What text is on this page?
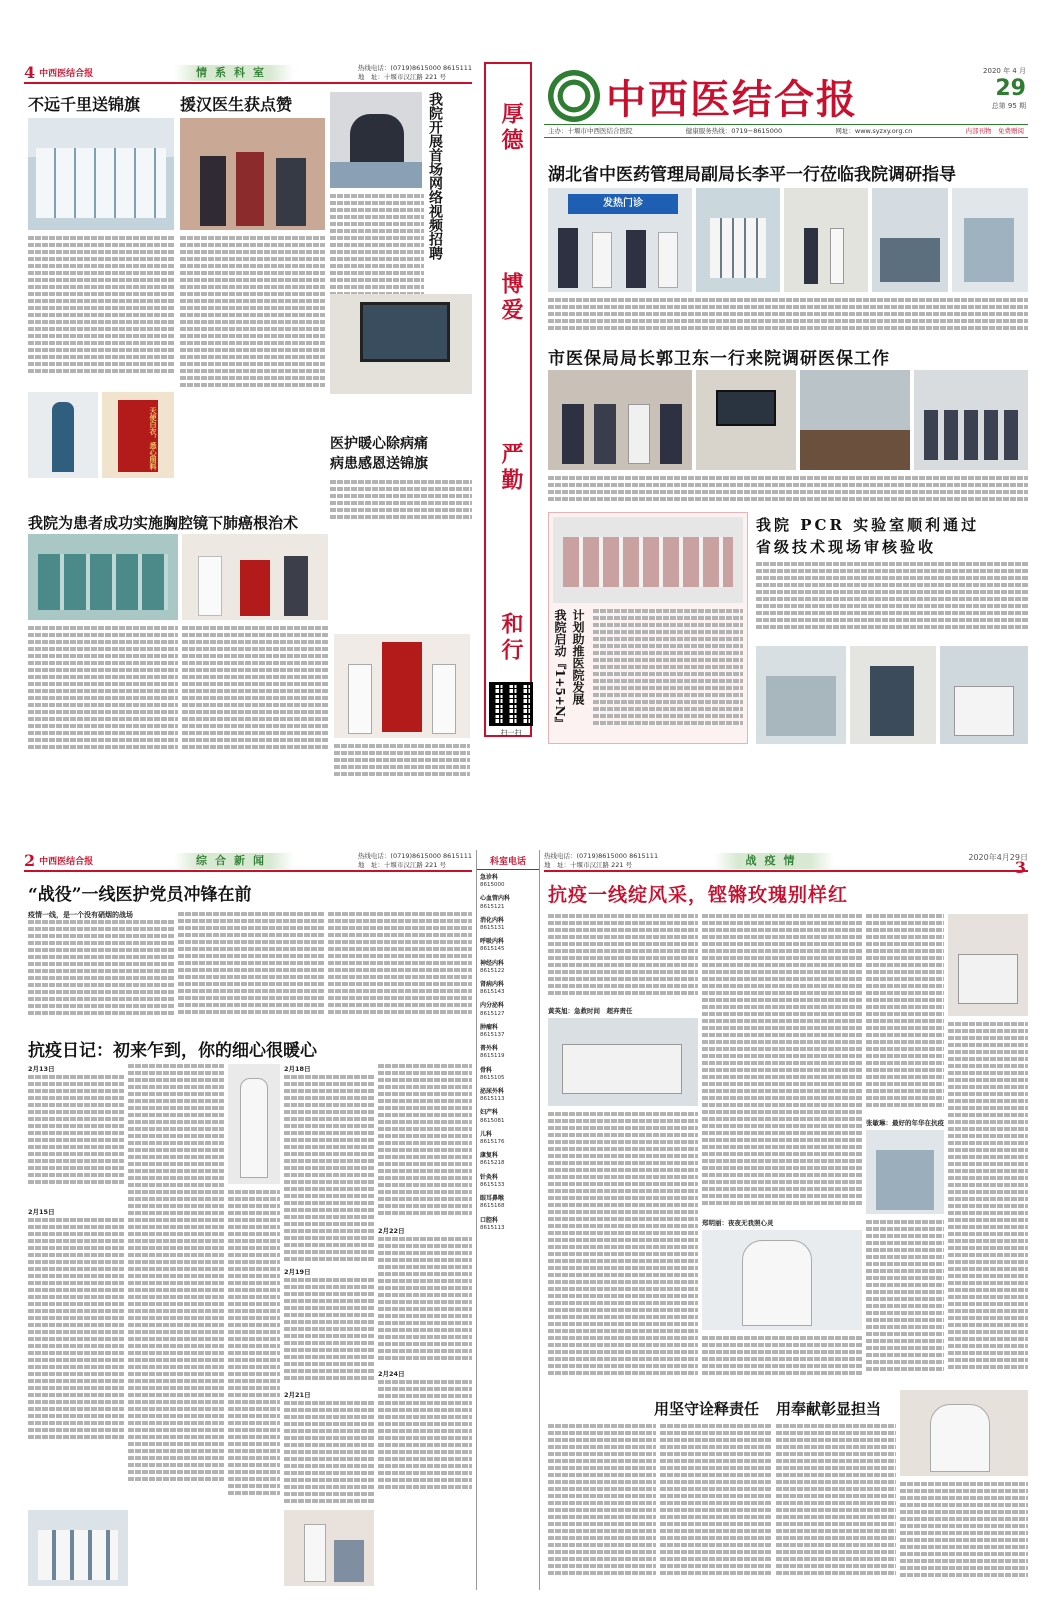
4 中西医结合报	情系科室	热线电话：(0719)8615000 8615111
地　址：十堰市汉江路 221 号
不远千里送锦旗 援汉医生获点赞
天使白衣，悉心照料
我院开展首场网络视频招聘
医护暖心除病痛
病患感恩送锦旗
我院为患者成功实施胸腔镜下肺癌根治术
厚德
博爱
严勤
和行
中西医结合报
2020 年 4 月
29
总第 95 期
主办：十堰市中西医结合医院	健康服务热线：0719−8615000	网址：www.syzxy.org.cn	内部刊物　免费赠阅
湖北省中医药管理局副局长李平一行莅临我院调研指导
发热门诊
市医保局局长郭卫东一行来院调研医保工作
我院启动『1+5+N』 计划助推医院发展
扫一扫
我院 PCR 实验室顺利通过
省级技术现场审核验收
2 中西医结合报	综合新闻	热线电话：(0719)8615000 8615111
地　址：十堰市汉江路 221 号
“战役”一线医护党员冲锋在前
疫情一线，是一个没有硝烟的战场
抗疫日记：初来乍到，你的细心很暖心
2月13日
2月15日
2月18日
2月19日
2月21日
2月22日
2月24日
科室电话
急诊科
8615000
心血管内科
8615121
消化内科
8615131
呼吸内科
8615145
神经内科
8615122
肾病内科
8615143
内分泌科
8615127
肿瘤科
8615137
普外科
8615119
骨科
8615105
泌尿外科
8615113
妇产科
8615081
儿科
8615176
康复科
8615218
针灸科
8615133
眼耳鼻喉
8615168
口腔科
8615113
热线电话：(0719)8615000 8615111
地　址：十堰市汉江路 221 号	战疫情	2020年4月29日
3
抗疫一线绽风采，铿锵玫瑰别样红
黄英旭：急救时间　超弃责任
郑明丽：夜夜无我照心灵
张敏琳：最好的年华在抗疫
用坚守诠释责任 用奉献彰显担当
